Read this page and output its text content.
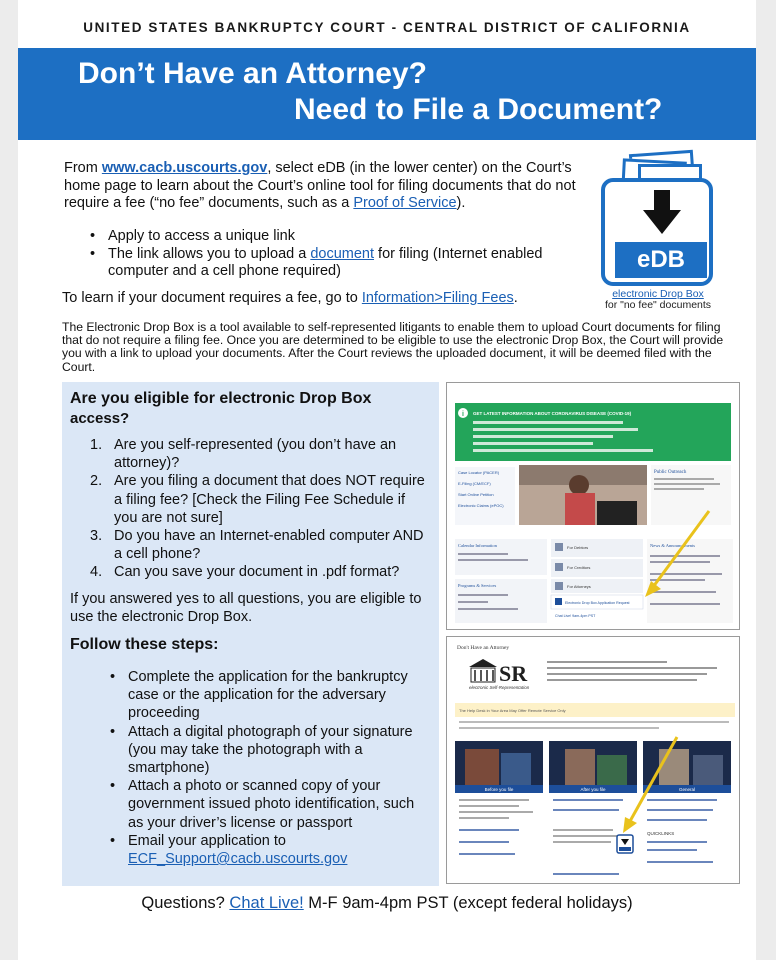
UNITED STATES BANKRUPTCY COURT - CENTRAL DISTRICT OF CALIFORNIA
Don’t Have an Attorney?
Need to File a Document?

From www.cacb.uscourts.gov, select eDB (in the lower center) on the Court’s home page to learn about the Court’s online tool for filing documents that do not require a fee (“no fee” documents, such as a Proof of Service).

• Apply to access a unique link
• The link allows you to upload a document for filing (Internet enabled computer and a cell phone required)

To learn if your document requires a fee, go to Information>Filing Fees.

The Electronic Drop Box is a tool available to self-represented litigants to enable them to upload Court documents for filing that do not require a filing fee. Once you are determined to be eligible to use the electronic Drop Box, the Court will provide you with a link to upload your documents. After the Court reviews the uploaded document, it will be deemed filed with the Court.

eDB
electronic Drop Box
for "no fee" documents
Are you eligible for electronic Drop Box
access?
1. Are you self-represented (you don’t have an attorney)?
2. Are you filing a document that does NOT require a filing fee? [Check the Filing Fee Schedule if you are not sure]
3. Do you have an Internet-enabled computer AND a cell phone?
4. Can you save your document in .pdf format?

If you answered yes to all questions, you are eligible to use the electronic Drop Box.

Follow these steps:
• Complete the application for the bankruptcy case or the application for the adversary proceeding
• Attach a digital photograph of your signature (you may take the photograph with a smartphone)
• Attach a photo or scanned copy of your government issued photo identification, such as your driver’s license or passport
• Email your application to
ECF_Support@cacb.uscourts.gov
i GET LATEST INFORMATION ABOUT CORONAVIRUS DISEASE (COVID-19)
Case Locator (PACER)
E-Filing (CM/ECF)
Start Online Petition
Electronic Claims (ePOC)
Public Outreach
Calendar Information
Programs & Services
For Debtors
For Creditors
For Attorneys
Electronic Drop Box Application Request
Chat Live! 9am-4pm PST
News & Announcements
Don't Have an Attorney
SR
electronic Self-Representation
The Help Desk in Your Area May Offer Remote Service Only
Before you file	After you file	General
QUICKLINKS
Questions? Chat Live! M-F 9am-4pm PST (except federal holidays)
